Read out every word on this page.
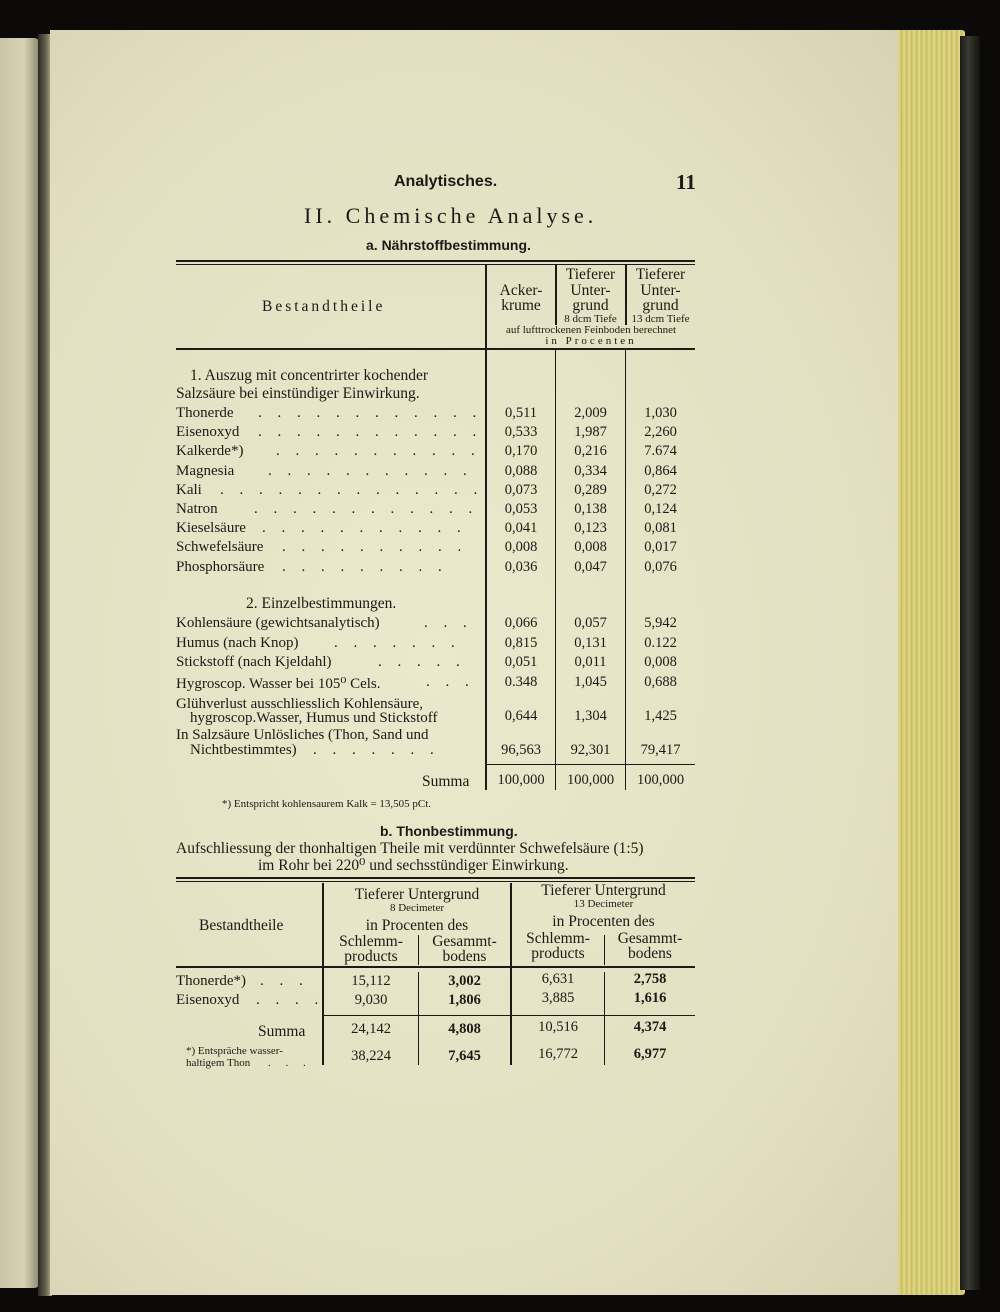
Analytisches.	11
II. Chemische Analyse.
a. Nährstoffbestimmung.
Bestandtheile
Acker-
krume
Tieferer
Unter-
grund
8 dcm Tiefe
Tieferer
Unter-
grund
13 dcm Tiefe
auf lufttrockenen Feinboden berechnet
in Procenten
1. Auszug mit concentrirter kochender
Salzsäure bei einstündiger Einwirkung.
Thonerde . . . . . . . . . . . .	0,511	2,009	1,030
Eisenoxyd . . . . . . . . . . . .	0,533	1,987	2,260
Kalkerde*) . . . . . . . . . . .	0,170	0,216	7.674
Magnesia . . . . . . . . . . .	0,088	0,334	0,864
Kali . . . . . . . . . . . . . .	0,073	0,289	0,272
Natron . . . . . . . . . . . .	0,053	0,138	0,124
Kieselsäure . . . . . . . . . . .	0,041	0,123	0,081
Schwefelsäure . . . . . . . . . .	0,008	0,008	0,017
Phosphorsäure . . . . . . . . .	0,036	0,047	0,076
2. Einzelbestimmungen.
Kohlensäure (gewichtsanalytisch)	. . .	0,066	0,057	5,942
Humus (nach Knop) . . . . . . .	0,815	0,131	0.122
Stickstoff (nach Kjeldahl)	. . . . .	0,051	0,011	0,008
Hygroscop. Wasser bei 105⁰ Cels.	. . .	0.348	1,045	0,688
Glühverlust ausschliesslich Kohlensäure,
hygroscop.Wasser, Humus und Stickstoff	0,644	1,304	1,425
In Salzsäure Unlösliches (Thon, Sand und
Nichtbestimmtes) . . . . . . .	96,563	92,301	79,417
Summa	100,000	100,000	100,000
*) Entspricht kohlensaurem Kalk = 13,505 pCt.
b. Thonbestimmung.
Aufschliessung der thonhaltigen Theile mit verdünnter Schwefelsäure (1:5)
im Rohr bei 220⁰ und sechsstündiger Einwirkung.
Bestandtheile
Tieferer Untergrund
8 Decimeter
in Procenten des
Schlemm-
products
Gesammt-
bodens
Tieferer Untergrund
13 Decimeter
in Procenten des
Schlemm-
products
Gesammt-
bodens
Thonerde*) . . .	15,112	3,002	6,631	2,758
Eisenoxyd . . . .	9,030	1,806	3,885	1,616
Summa	24,142	4,808	10,516	4,374
*) Entspräche wasser-
haltigem Thon . . .	38,224	7,645	16,772	6,977
